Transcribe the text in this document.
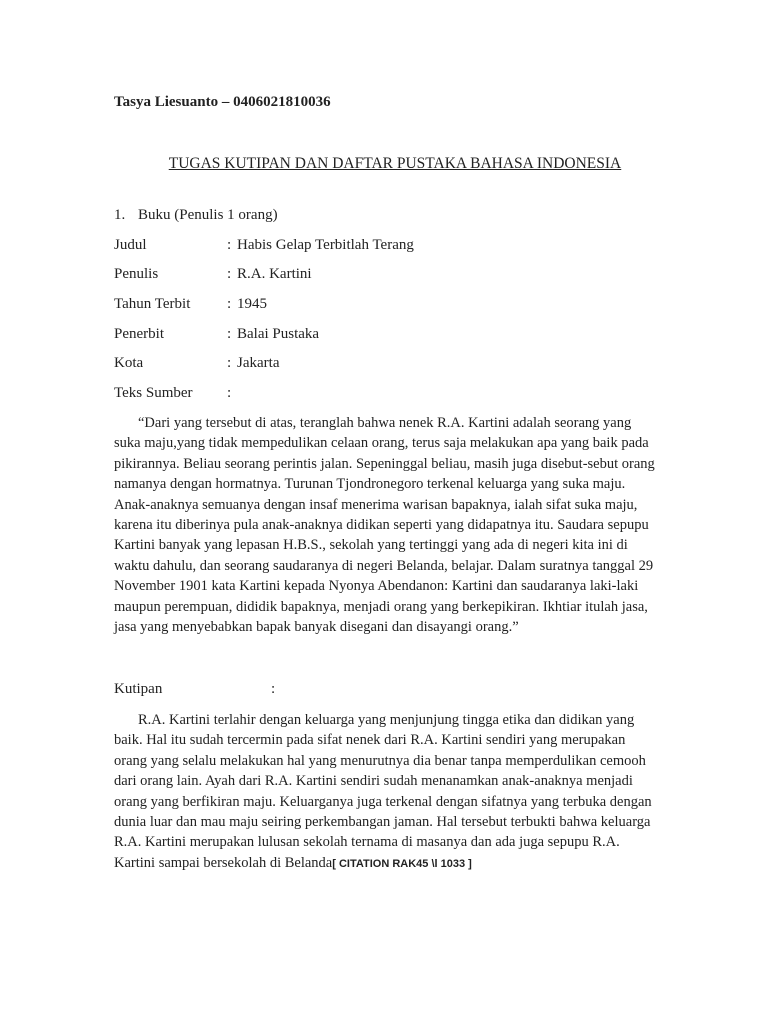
Tasya Liesuanto – 0406021810036
TUGAS KUTIPAN DAN DAFTAR PUSTAKA BAHASA INDONESIA
1. Buku (Penulis 1 orang)
Judul	: Habis Gelap Terbitlah Terang
Penulis	: R.A. Kartini
Tahun Terbit : 1945
Penerbit	: Balai Pustaka
Kota	: Jakarta
Teks Sumber :
“Dari yang tersebut di atas, teranglah bahwa nenek R.A. Kartini adalah seorang yang
suka maju,yang tidak mempedulikan celaan orang, terus saja melakukan apa yang baik pada
pikirannya. Beliau seorang perintis jalan. Sepeninggal beliau, masih juga disebut-sebut orang
namanya dengan hormatnya. Turunan Tjondronegoro terkenal keluarga yang suka maju.
Anak-anaknya semuanya dengan insaf menerima warisan bapaknya, ialah sifat suka maju,
karena itu diberinya pula anak-anaknya didikan seperti yang didapatnya itu. Saudara sepupu
Kartini banyak yang lepasan H.B.S., sekolah yang tertinggi yang ada di negeri kita ini di
waktu dahulu, dan seorang saudaranya di negeri Belanda, belajar. Dalam suratnya tanggal 29
November 1901 kata Kartini kepada Nyonya Abendanon: Kartini dan saudaranya laki-laki
maupun perempuan, dididik bapaknya, menjadi orang yang berkepikiran. Ikhtiar itulah jasa,
jasa yang menyebabkan bapak banyak disegani dan disayangi orang.”
Kutipan	:
R.A. Kartini terlahir dengan keluarga yang menjunjung tingga etika dan didikan yang
baik. Hal itu sudah tercermin pada sifat nenek dari R.A. Kartini sendiri yang merupakan
orang yang selalu melakukan hal yang menurutnya dia benar tanpa memperdulikan cemooh
dari orang lain. Ayah dari R.A. Kartini sendiri sudah menanamkan anak-anaknya menjadi
orang yang berfikiran maju. Keluarganya juga terkenal dengan sifatnya yang terbuka dengan
dunia luar dan mau maju seiring perkembangan jaman. Hal tersebut terbukti bahwa keluarga
R.A. Kartini merupakan lulusan sekolah ternama di masanya dan ada juga sepupu R.A.
Kartini sampai bersekolah di Belanda[ CITATION RAK45 \l 1033 ]
